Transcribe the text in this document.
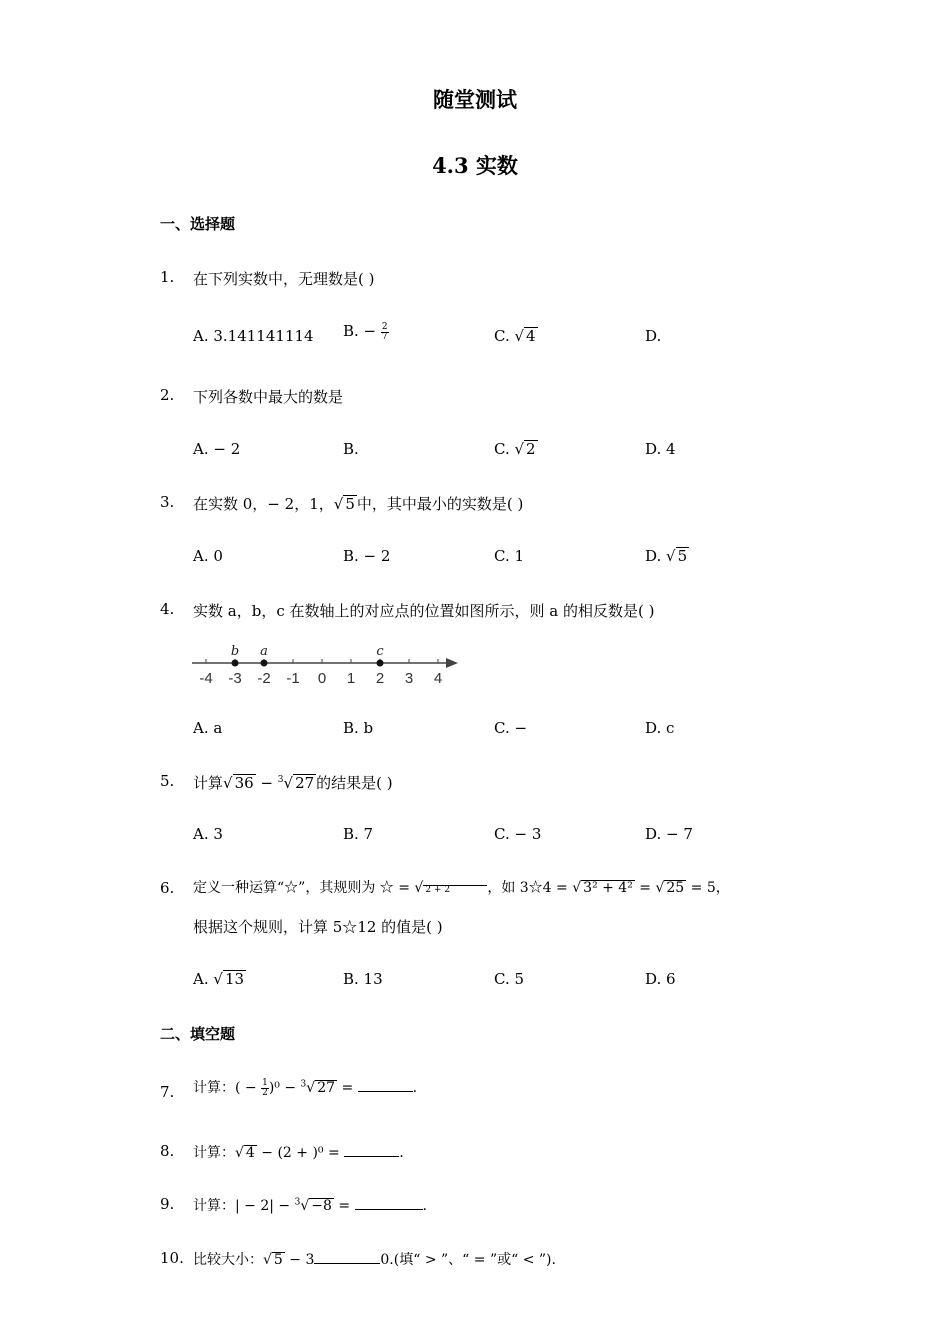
随堂测试
4.3 实数
一、选择题
1. 在下列实数中，无理数是( )
A. 3.141141114 B. − $\frac{2}{7}$	C. √ 4	D.
2. 下列各数中最大的数是
A. − 2	B.	C. √ 2	D. 4
3. 在实数 0，− 2，1，√ 5 中，其中最小的实数是( )
A. 0	B. − 2	C. 1	D. √ 5
4. 实数 a，b，c 在数轴上的对应点的位置如图所示，则 a 的相反数是( )
-4 -3 -2 -1 0 1 2 3 4
b a	c
A. a	B. b	C. −	D. c
5. 计算√ 36 − $^3$√ 27 的结果是( )
A. 3	B. 7	C. − 3	D. − 7
6. 定义一种运算“☆”，其规则为 ☆ = √2 + 2	，如 3☆4 = √ 3² + 4² = √ 25 = 5，
根据这个规则，计算 5☆12 的值是( )
A. √ 13	B. 13	C. 5	D. 6
二、填空题
7. 计算：( − $\frac{1}{2} )^0 - ^3√$ 27 =	.
8. 计算：√ 4 − (2 + )⁰ =	.
9. 计算：| − 2| − $^3$√ −8 =	.
10. 比较大小：√ 5 − 3	0.(填“ > ”、“ = ”或“ < ”).
